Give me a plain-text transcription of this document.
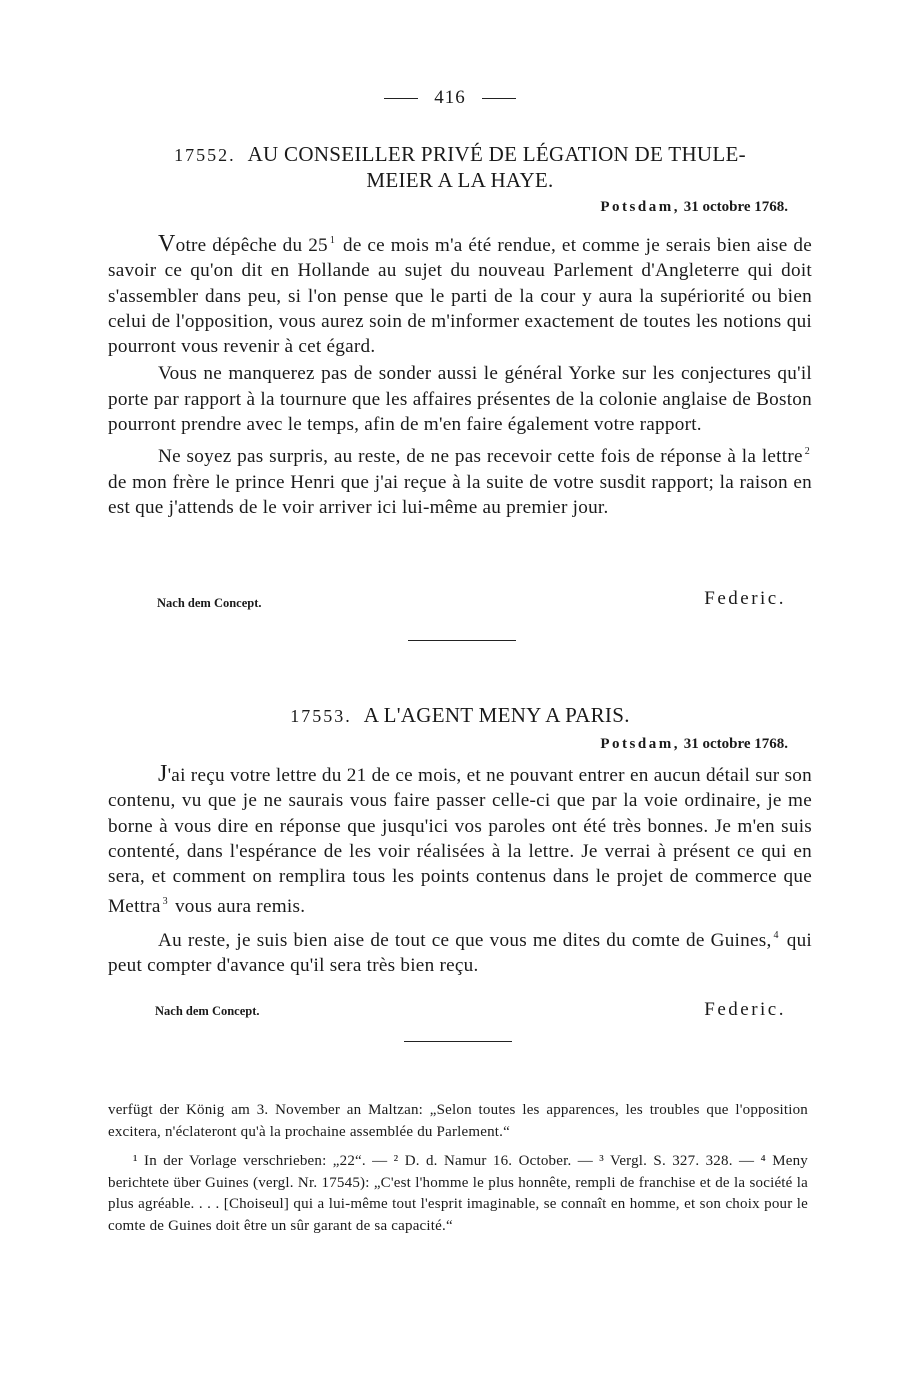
416
17552. AU CONSEILLER PRIVÉ DE LÉGATION DE THULE-
MEIER A LA HAYE.
Potsdam, 31 octobre 1768.

Votre dépêche du 25 $^1$ de ce mois m'a été rendue, et comme je serais bien aise de savoir ce qu'on dit en Hollande au sujet du nouveau Parlement d'Angleterre qui doit s'assembler dans peu, si l'on pense que le parti de la cour y aura la supériorité ou bien celui de l'opposition, vous aurez soin de m'informer exactement de toutes les notions qui pourront vous revenir à cet égard.

Vous ne manquerez pas de sonder aussi le général Yorke sur les conjectures qu'il porte par rapport à la tournure que les affaires présentes de la colonie anglaise de Boston pourront prendre avec le temps, afin de m'en faire également votre rapport.

Ne soyez pas surpris, au reste, de ne pas recevoir cette fois de réponse à la lettre $^2$ de mon frère le prince Henri que j'ai reçue à la suite de votre susdit rapport; la raison en est que j'attends de le voir arriver ici lui-même au premier jour.

Nach dem Concept.	Federic.
17553. A L'AGENT MENY A PARIS.
Potsdam, 31 octobre 1768.

J'ai reçu votre lettre du 21 de ce mois, et ne pouvant entrer en aucun détail sur son contenu, vu que je ne saurais vous faire passer celle-ci que par la voie ordinaire, je me borne à vous dire en réponse que jusqu'ici vos paroles ont été très bonnes. Je m'en suis contenté, dans l'espérance de les voir réalisées à la lettre. Je verrai à présent ce qui en sera, et comment on remplira tous les points contenus dans le projet de commerce que Mettra $^3$ vous aura remis.

Au reste, je suis bien aise de tout ce que vous me dites du comte de Guines, $^4$ qui peut compter d'avance qu'il sera très bien reçu.

Nach dem Concept.	Federic.

verfügt der König am 3. November an Maltzan: „Selon toutes les apparences, les troubles que l'opposition excitera, n'éclateront qu'à la prochaine assemblée du Parlement.“

¹ In der Vorlage verschrieben: „22“. — ² D. d. Namur 16. October. — ³ Vergl. S. 327. 328. — ⁴ Meny berichtete über Guines (vergl. Nr. 17545): „C'est l'homme le plus honnête, rempli de franchise et de la société la plus agréable. . . . [Choiseul] qui a lui-même tout l'esprit imaginable, se connaît en homme, et son choix pour le comte de Guines doit être un sûr garant de sa capacité.“
